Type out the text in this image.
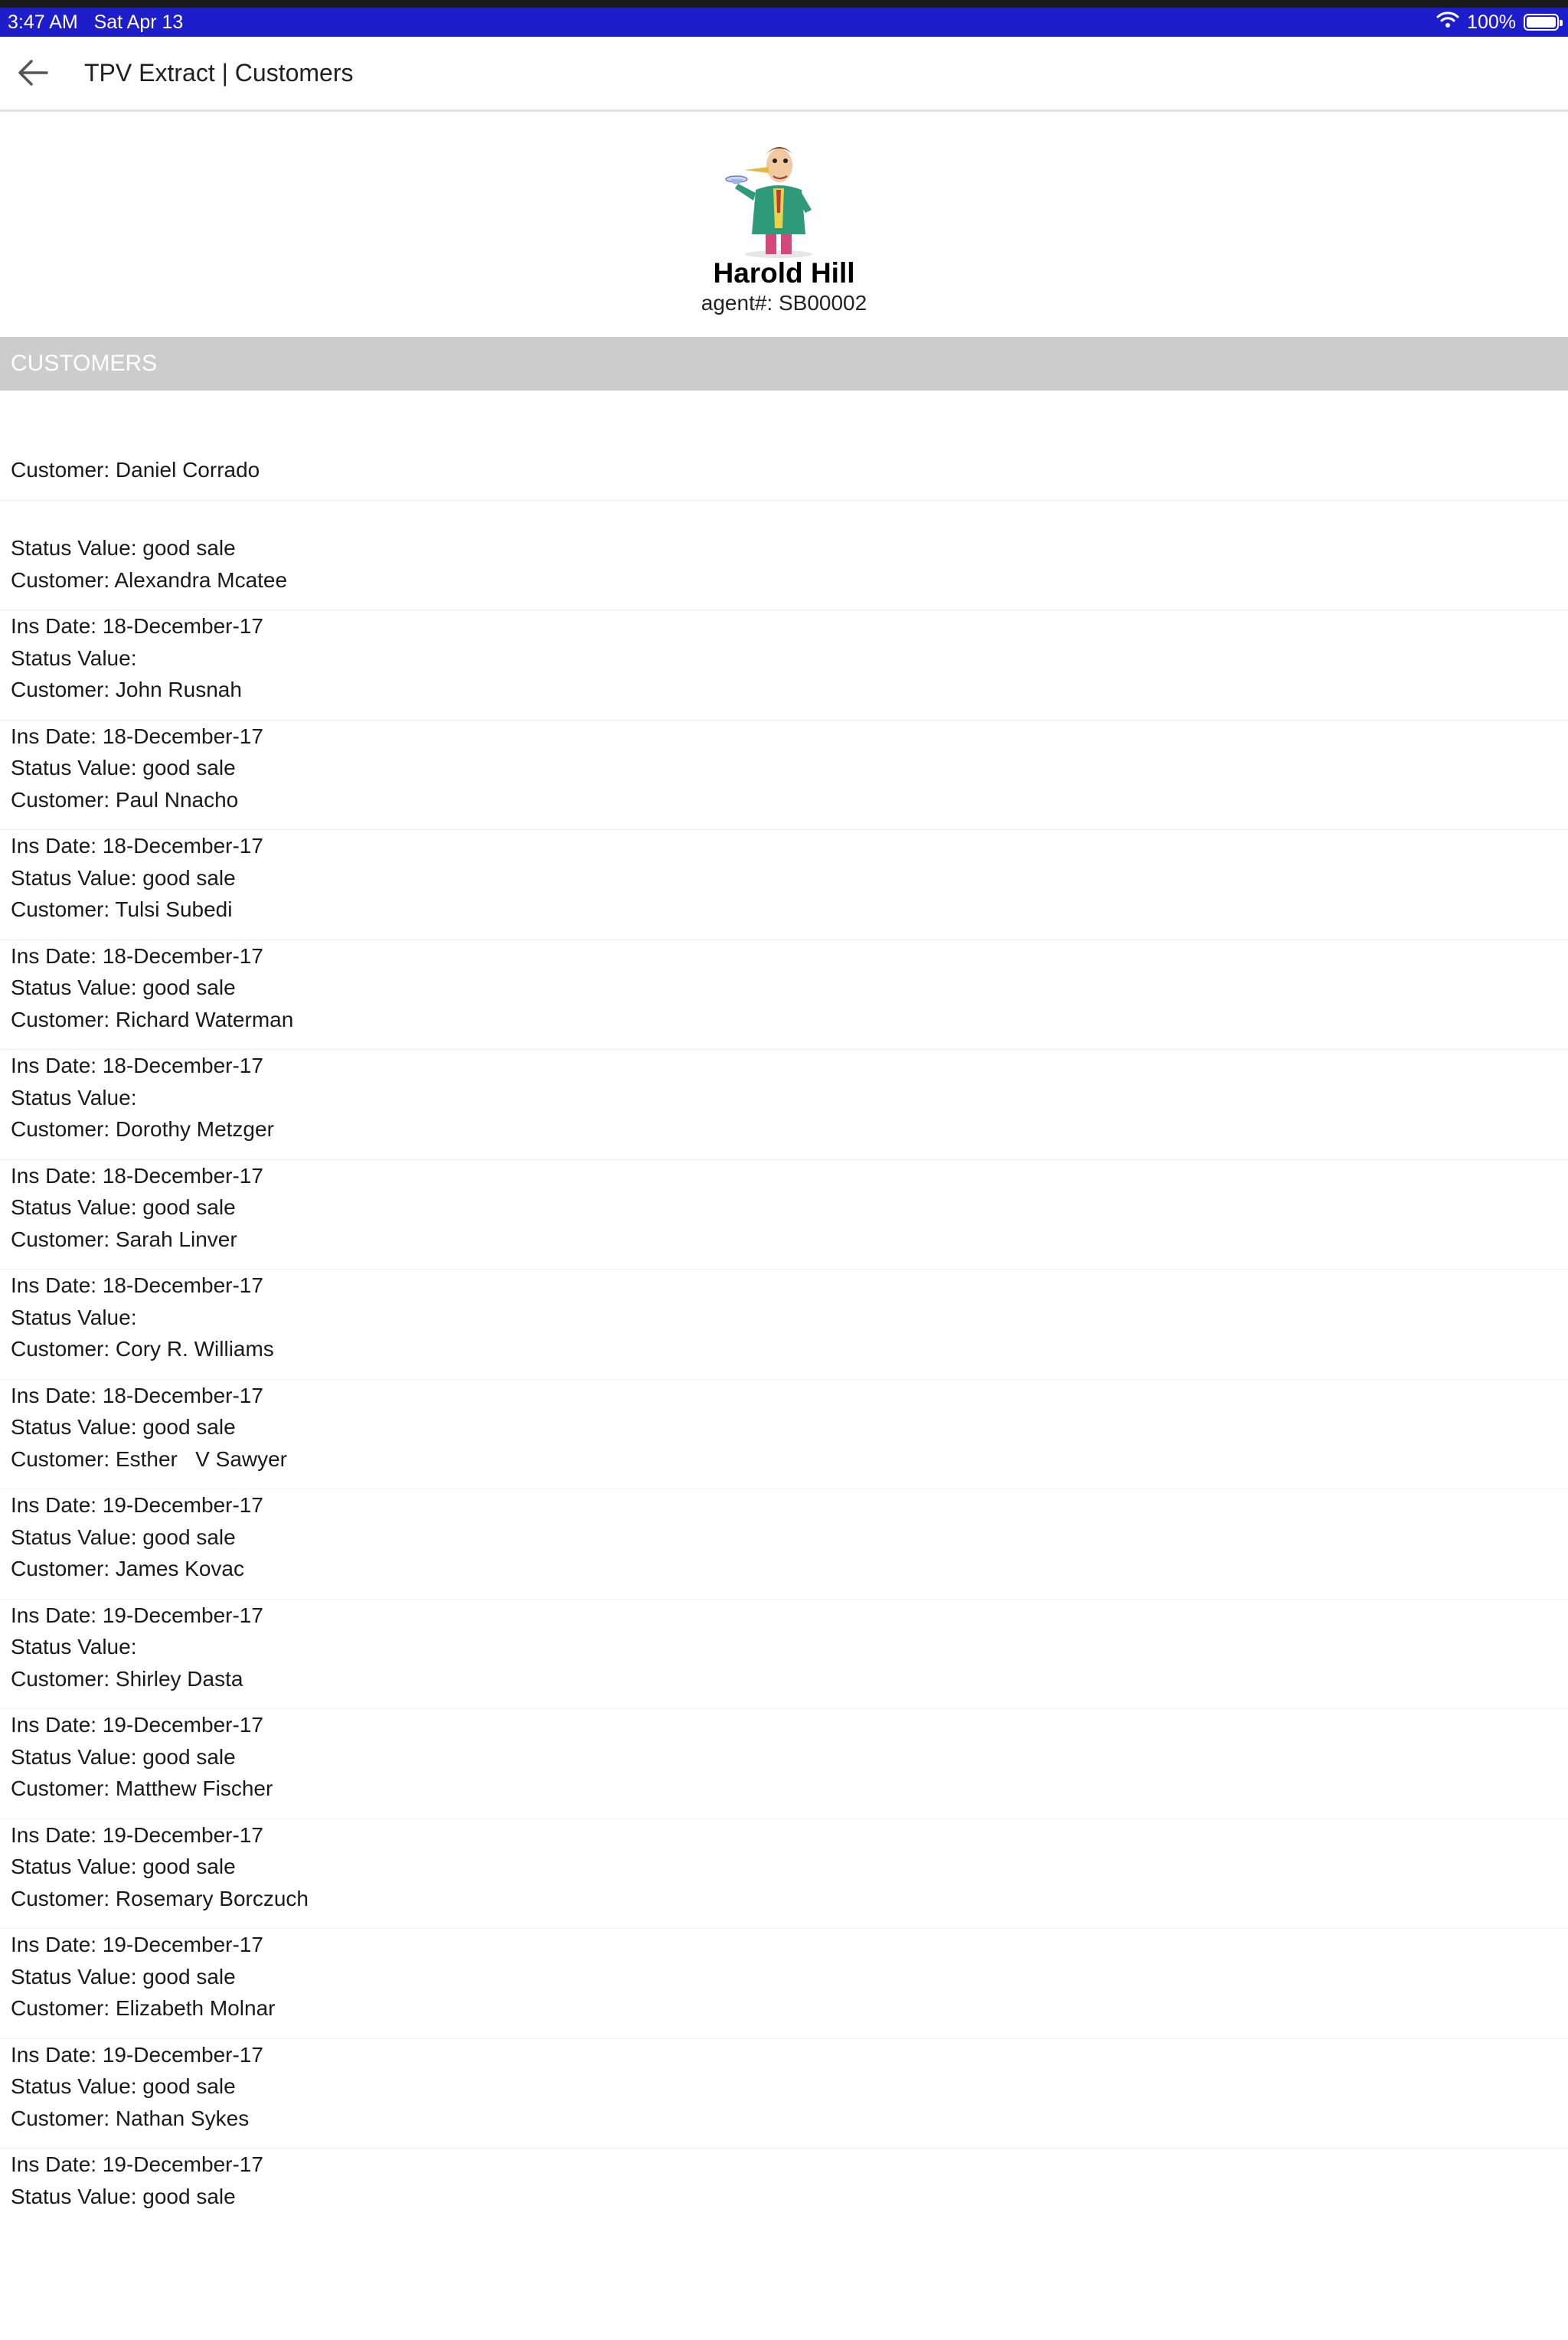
3:47 AM Sat Apr 13	100%
TPV Extract | Customers
Harold Hill
agent#: SB00002
CUSTOMERS

Customer: Daniel Corrado

Status Value: good sale

Ins Date: 18-December-17

Customer: Alexandra Mcatee

Status Value:

Ins Date: 18-December-17

Customer: John Rusnah

Status Value: good sale

Ins Date: 18-December-17

Customer: Paul Nnacho

Status Value: good sale

Ins Date: 18-December-17

Customer: Tulsi Subedi

Status Value: good sale

Ins Date: 18-December-17

Customer: Richard Waterman

Status Value:

Ins Date: 18-December-17

Customer: Dorothy Metzger

Status Value: good sale

Ins Date: 18-December-17

Customer: Sarah Linver

Status Value:

Ins Date: 18-December-17

Customer: Cory R. Williams

Status Value: good sale

Ins Date: 19-December-17

Customer: Esther   V Sawyer

Status Value: good sale

Ins Date: 19-December-17

Customer: James Kovac

Status Value:

Ins Date: 19-December-17

Customer: Shirley Dasta

Status Value: good sale

Ins Date: 19-December-17

Customer: Matthew Fischer

Status Value: good sale

Ins Date: 19-December-17

Customer: Rosemary Borczuch

Status Value: good sale

Ins Date: 19-December-17

Customer: Elizabeth Molnar

Status Value: good sale

Ins Date: 19-December-17

Customer: Nathan Sykes

Status Value: good sale
